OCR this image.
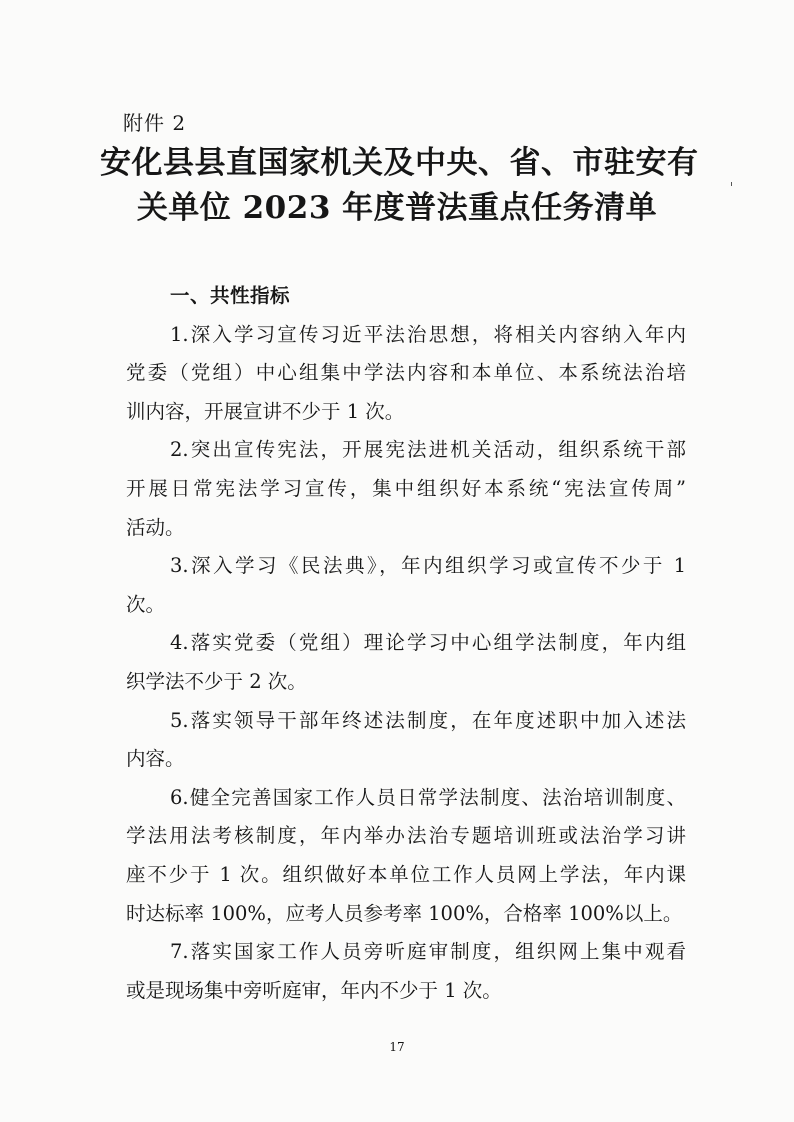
附件 2
安化县县直国家机关及中央、省、市驻安有
关单位 2023 年度普法重点任务清单
一、共性指标
1.深入学习宣传习近平法治思想，将相关内容纳入年内
党委（党组）中心组集中学法内容和本单位、本系统法治培
训内容，开展宣讲不少于 1 次。
2.突出宣传宪法，开展宪法进机关活动，组织系统干部
开展日常宪法学习宣传，集中组织好本系统“宪法宣传周”
活动。
3.深入学习《民法典》，年内组织学习或宣传不少于 1
次。
4.落实党委（党组）理论学习中心组学法制度，年内组
织学法不少于 2 次。
5.落实领导干部年终述法制度，在年度述职中加入述法
内容。
6.健全完善国家工作人员日常学法制度、法治培训制度、
学法用法考核制度，年内举办法治专题培训班或法治学习讲
座不少于 1 次。组织做好本单位工作人员网上学法，年内课
时达标率 100%，应考人员参考率 100%，合格率 100%以上。
7.落实国家工作人员旁听庭审制度，组织网上集中观看
或是现场集中旁听庭审，年内不少于 1 次。
17
